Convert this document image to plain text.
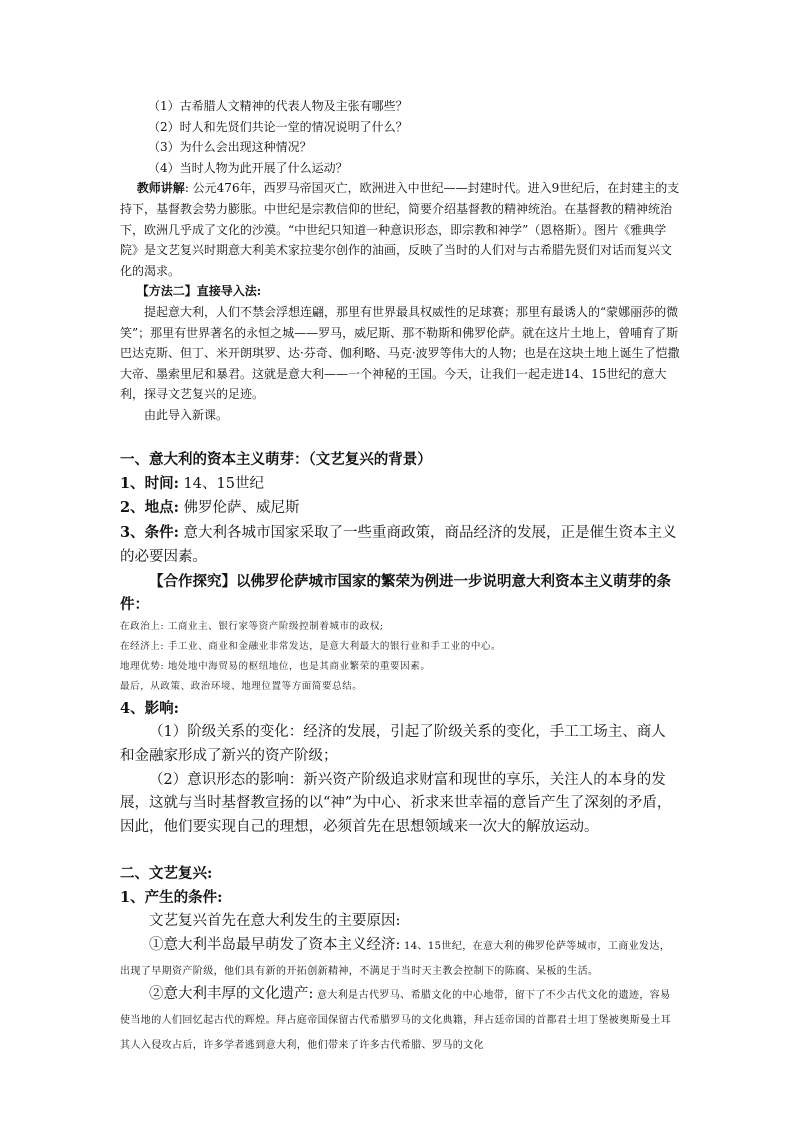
（1）古希腊人文精神的代表人物及主张有哪些？

（2）时人和先贤们共论一堂的情况说明了什么？

（3）为什么会出现这种情况？

（4）当时人物为此开展了什么运动？

教师讲解: 公元476年，西罗马帝国灭亡，欧洲进入中世纪——封建时代。进入9世纪后，在封建主的支持下，基督教会势力膨胀。中世纪是宗教信仰的世纪，简要介绍基督教的精神统治。在基督教的精神统治下，欧洲几乎成了文化的沙漠。“中世纪只知道一种意识形态，即宗教和神学”（恩格斯）。图片《雅典学院》是文艺复兴时期意大利美术家拉斐尔创作的油画，反映了当时的人们对与古希腊先贤们对话而复兴文化的渴求。

【方法二】直接导入法:

提起意大利，人们不禁会浮想连翩，那里有世界最具权威性的足球赛；那里有最诱人的“蒙娜丽莎的微笑”；那里有世界著名的永恒之城——罗马，威尼斯、那不勒斯和佛罗伦萨。就在这片土地上，曾哺育了斯巴达克斯、但丁、米开朗琪罗、达·芬奇、伽利略、马克·波罗等伟大的人物；也是在这块土地上诞生了恺撒大帝、墨索里尼和暴君。这就是意大利——一个神秘的王国。今天，让我们一起走进14、15世纪的意大利，探寻文艺复兴的足迹。

由此导入新课。

一、意大利的资本主义萌芽：（文艺复兴的背景）

1、时间: 14、15世纪

2、地点: 佛罗伦萨、威尼斯

3、条件: 意大利各城市国家采取了一些重商政策，商品经济的发展，正是催生资本主义的必要因素。

【合作探究】以佛罗伦萨城市国家的繁荣为例进一步说明意大利资本主义萌芽的条件：

在政治上: 工商业主、银行家等资产阶级控制着城市的政权;

在经济上: 手工业、商业和金融业非常发达，是意大利最大的银行业和手工业的中心。

地理优势: 地处地中海贸易的枢纽地位，也是其商业繁荣的重要因素。

最后，从政策、政治环境、地理位置等方面简要总结。

4、影响:

（1）阶级关系的变化：经济的发展，引起了阶级关系的变化，手工工场主、商人和金融家形成了新兴的资产阶级；

（2）意识形态的影响：新兴资产阶级追求财富和现世的享乐，关注人的本身的发展，这就与当时基督教宣扬的以“神”为中心、祈求来世幸福的意旨产生了深刻的矛盾，因此，他们要实现自己的理想，必须首先在思想领域来一次大的解放运动。

二、文艺复兴:

1、产生的条件:

文艺复兴首先在意大利发生的主要原因:

①意大利半岛最早萌发了资本主义经济: 14、15世纪，在意大利的佛罗伦萨等城市，工商业发达，出现了早期资产阶级，他们具有新的开拓创新精神，不满足于当时天主教会控制下的陈腐、呆板的生活。

②意大利丰厚的文化遗产: 意大利是古代罗马、希腊文化的中心地带，留下了不少古代文化的遗迹，容易使当地的人们回忆起古代的辉煌。拜占庭帝国保留古代希腊罗马的文化典籍，拜占廷帝国的首都君士坦丁堡被奥斯曼土耳其人入侵攻占后，许多学者逃到意大利，他们带来了许多古代希腊、罗马的文化
